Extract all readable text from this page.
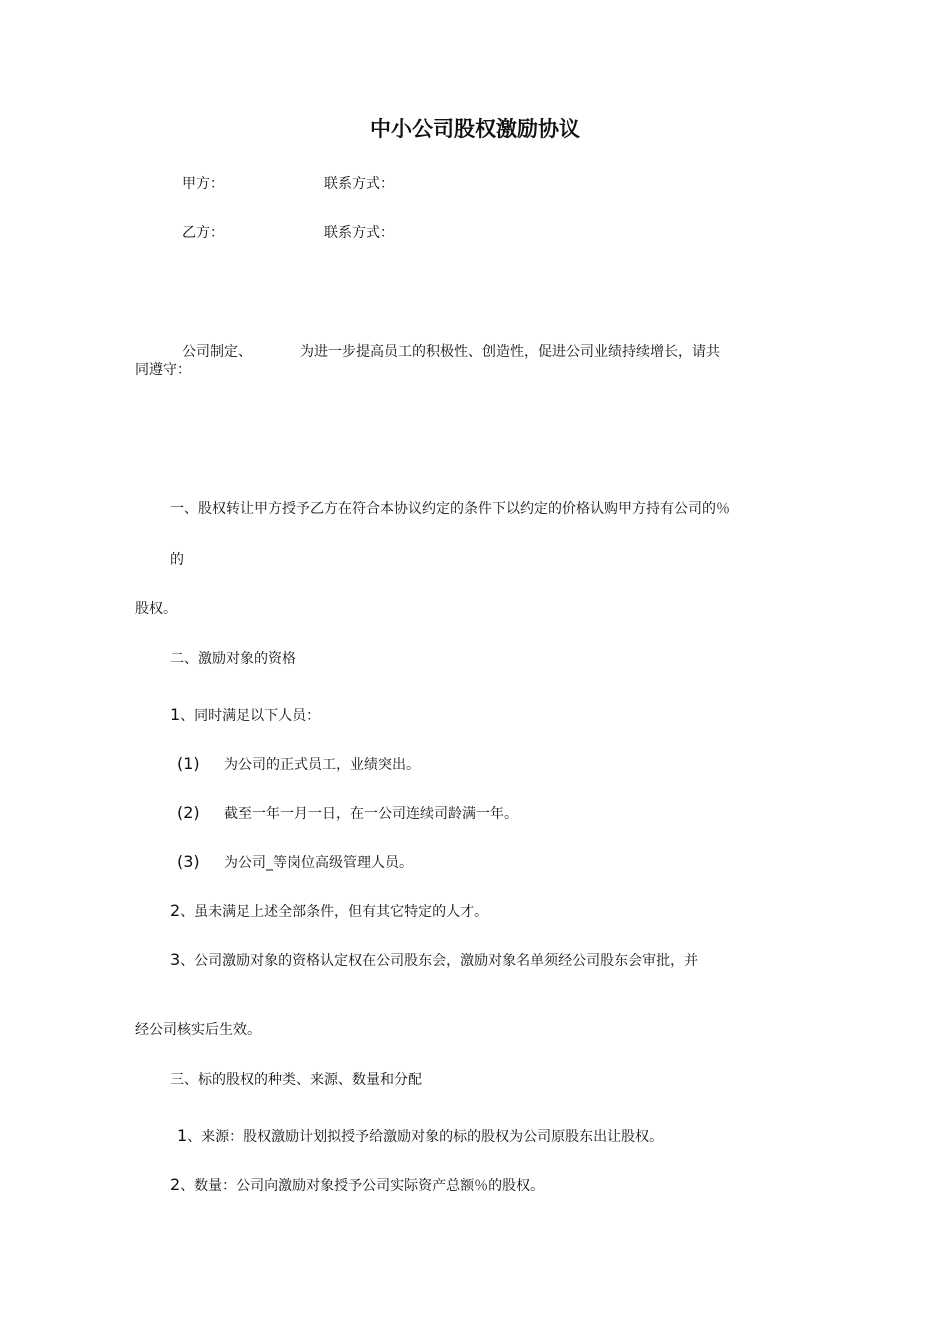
中小公司股权激励协议
甲方：	联系方式：
乙方：	联系方式：
公司制定、	为进一步提高员工的积极性、创造性，促进公司业绩持续增长，请共
同遵守：
一、股权转让甲方授予乙方在符合本协议约定的条件下以约定的价格认购甲方持有公司的％
的
股权。
二、激励对象的资格
1、同时满足以下人员：
(1) 为公司的正式员工，业绩突出。
(2) 截至一年一月一日，在一公司连续司龄满一年。
(3) 为公司_等岗位高级管理人员。
2、虽未满足上述全部条件，但有其它特定的人才。
3、公司激励对象的资格认定权在公司股东会，激励对象名单须经公司股东会审批，并
经公司核实后生效。
三、标的股权的种类、来源、数量和分配
1、来源：股权激励计划拟授予给激励对象的标的股权为公司原股东出让股权。
2、数量：公司向激励对象授予公司实际资产总额％的股权。
